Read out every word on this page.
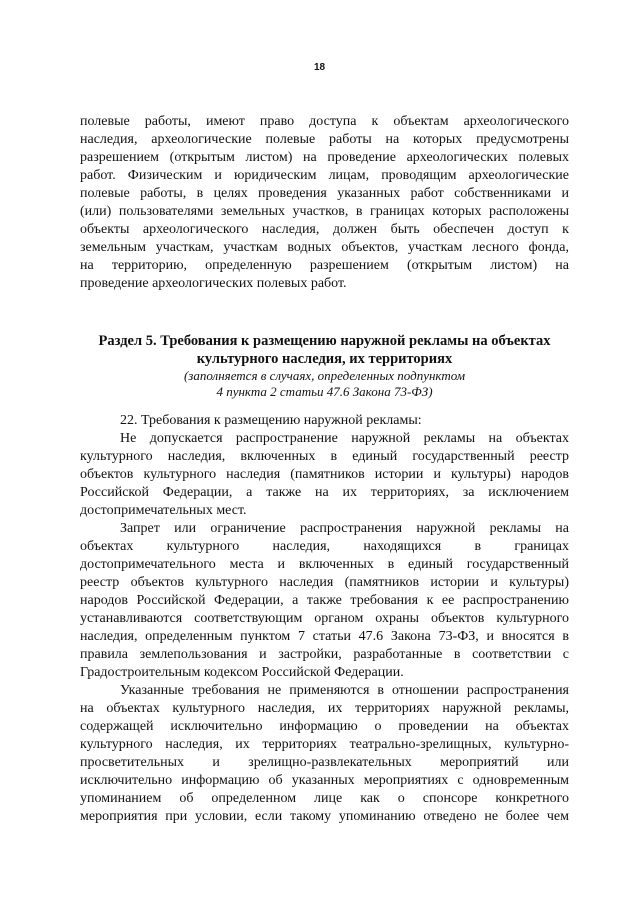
18
полевые работы, имеют право доступа к объектам археологического
наследия, археологические полевые работы на которых предусмотрены
разрешением (открытым листом) на проведение археологических полевых
работ. Физическим и юридическим лицам, проводящим археологические
полевые работы, в целях проведения указанных работ собственниками и
(или) пользователями земельных участков, в границах которых расположены
объекты археологического наследия, должен быть обеспечен доступ к
земельным участкам, участкам водных объектов, участкам лесного фонда,
на территорию, определенную разрешением (открытым листом) на
проведение археологических полевых работ.
Раздел 5. Требования к размещению наружной рекламы на объектах
культурного наследия, их территориях
(заполняется в случаях, определенных подпунктом
4 пункта 2 статьи 47.6 Закона 73-ФЗ)
22. Требования к размещению наружной рекламы:
Не допускается распространение наружной рекламы на объектах
культурного наследия, включенных в единый государственный реестр
объектов культурного наследия (памятников истории и культуры) народов
Российской Федерации, а также на их территориях, за исключением
достопримечательных мест.
Запрет или ограничение распространения наружной рекламы на
объектах культурного наследия, находящихся в границах
достопримечательного места и включенных в единый государственный
реестр объектов культурного наследия (памятников истории и культуры)
народов Российской Федерации, а также требования к ее распространению
устанавливаются соответствующим органом охраны объектов культурного
наследия, определенным пунктом 7 статьи 47.6 Закона 73-ФЗ, и вносятся в
правила землепользования и застройки, разработанные в соответствии с
Градостроительным кодексом Российской Федерации.
Указанные требования не применяются в отношении распространения
на объектах культурного наследия, их территориях наружной рекламы,
содержащей исключительно информацию о проведении на объектах
культурного наследия, их территориях театрально-зрелищных, культурно-
просветительных и зрелищно-развлекательных мероприятий или
исключительно информацию об указанных мероприятиях с одновременным
упоминанием об определенном лице как о спонсоре конкретного
мероприятия при условии, если такому упоминанию отведено не более чем
